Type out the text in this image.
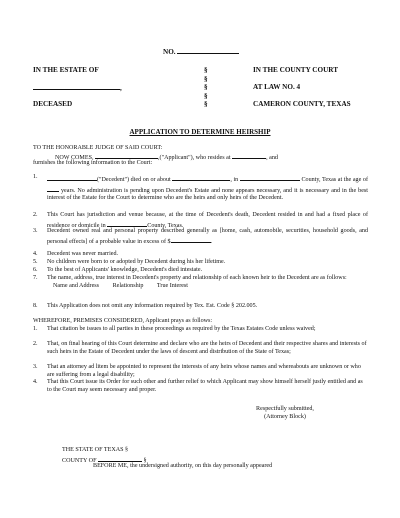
NO.
IN THE ESTATE OF	§	IN THE COUNTY COURT
§
,	§	AT LAW NO. 4
§
DECEASED	§	CAMERON COUNTY, TEXAS
APPLICATION TO DETERMINE HEIRSHIP
TO THE HONORABLE JUDGE OF SAID COURT:
NOW COMES,	,("Applicant"), who resides at	, and
furnishes the following information to the Court:
1.	("Decedent") died on or about	, in	County, Texas at the age of  years. No administration is pending upon Decedent's Estate and none appears necessary, and it is necessary and in the best interest of the Estate for the Court to determine who are the heirs and only heirs of the Decedent.
2.	This Court has jurisdiction and venue because, at the time of Decedent's death, Decedent resided in and had a fixed place of residence or domicile in	County, Texas.
3.	Decedent owned real and personal property described generally as [home, cash, automobile, securities, household goods, and personal effects] of a probable value in excess of $	.
4.	Decedent was never married.
5.	No children were born to or adopted by Decedent during his her lifetime.
6.	To the best of Applicants' knowledge, Decedent's died intestate.
7.	The name, address, true interest in Decedent's property and relationship of each known heir to the Decedent are as follows: Name and Address Relationship True Interest
8.	This Application does not omit any information required by Tex. Est. Code § 202.005.
WHEREFORE, PREMISES CONSIDERED, Applicant prays as follows:
1.	That citation be issues to all parties in these proceedings as required by the Texas Estates Code unless waived;
2.	That, on final hearing of this Court determine and declare who are the heirs of Decedent and their respective shares and interests of such heirs in the Estate of Decedent under the laws of descent and distribution of the State of Texas;
3.	That an attorney ad litem be appointed to represent the interests of any heirs whose names and whereabouts are unknown or who are suffering from a legal disability;
4.	That this Court issue its Order for such other and further relief to which Applicant may show himself herself justly entitled and as to the Court may seem necessary and proper.
Respectfully submitted,
(Attorney Block)
THE STATE OF TEXAS §
COUNTY OF	§
BEFORE ME, the undersigned authority, on this day personally appeared
